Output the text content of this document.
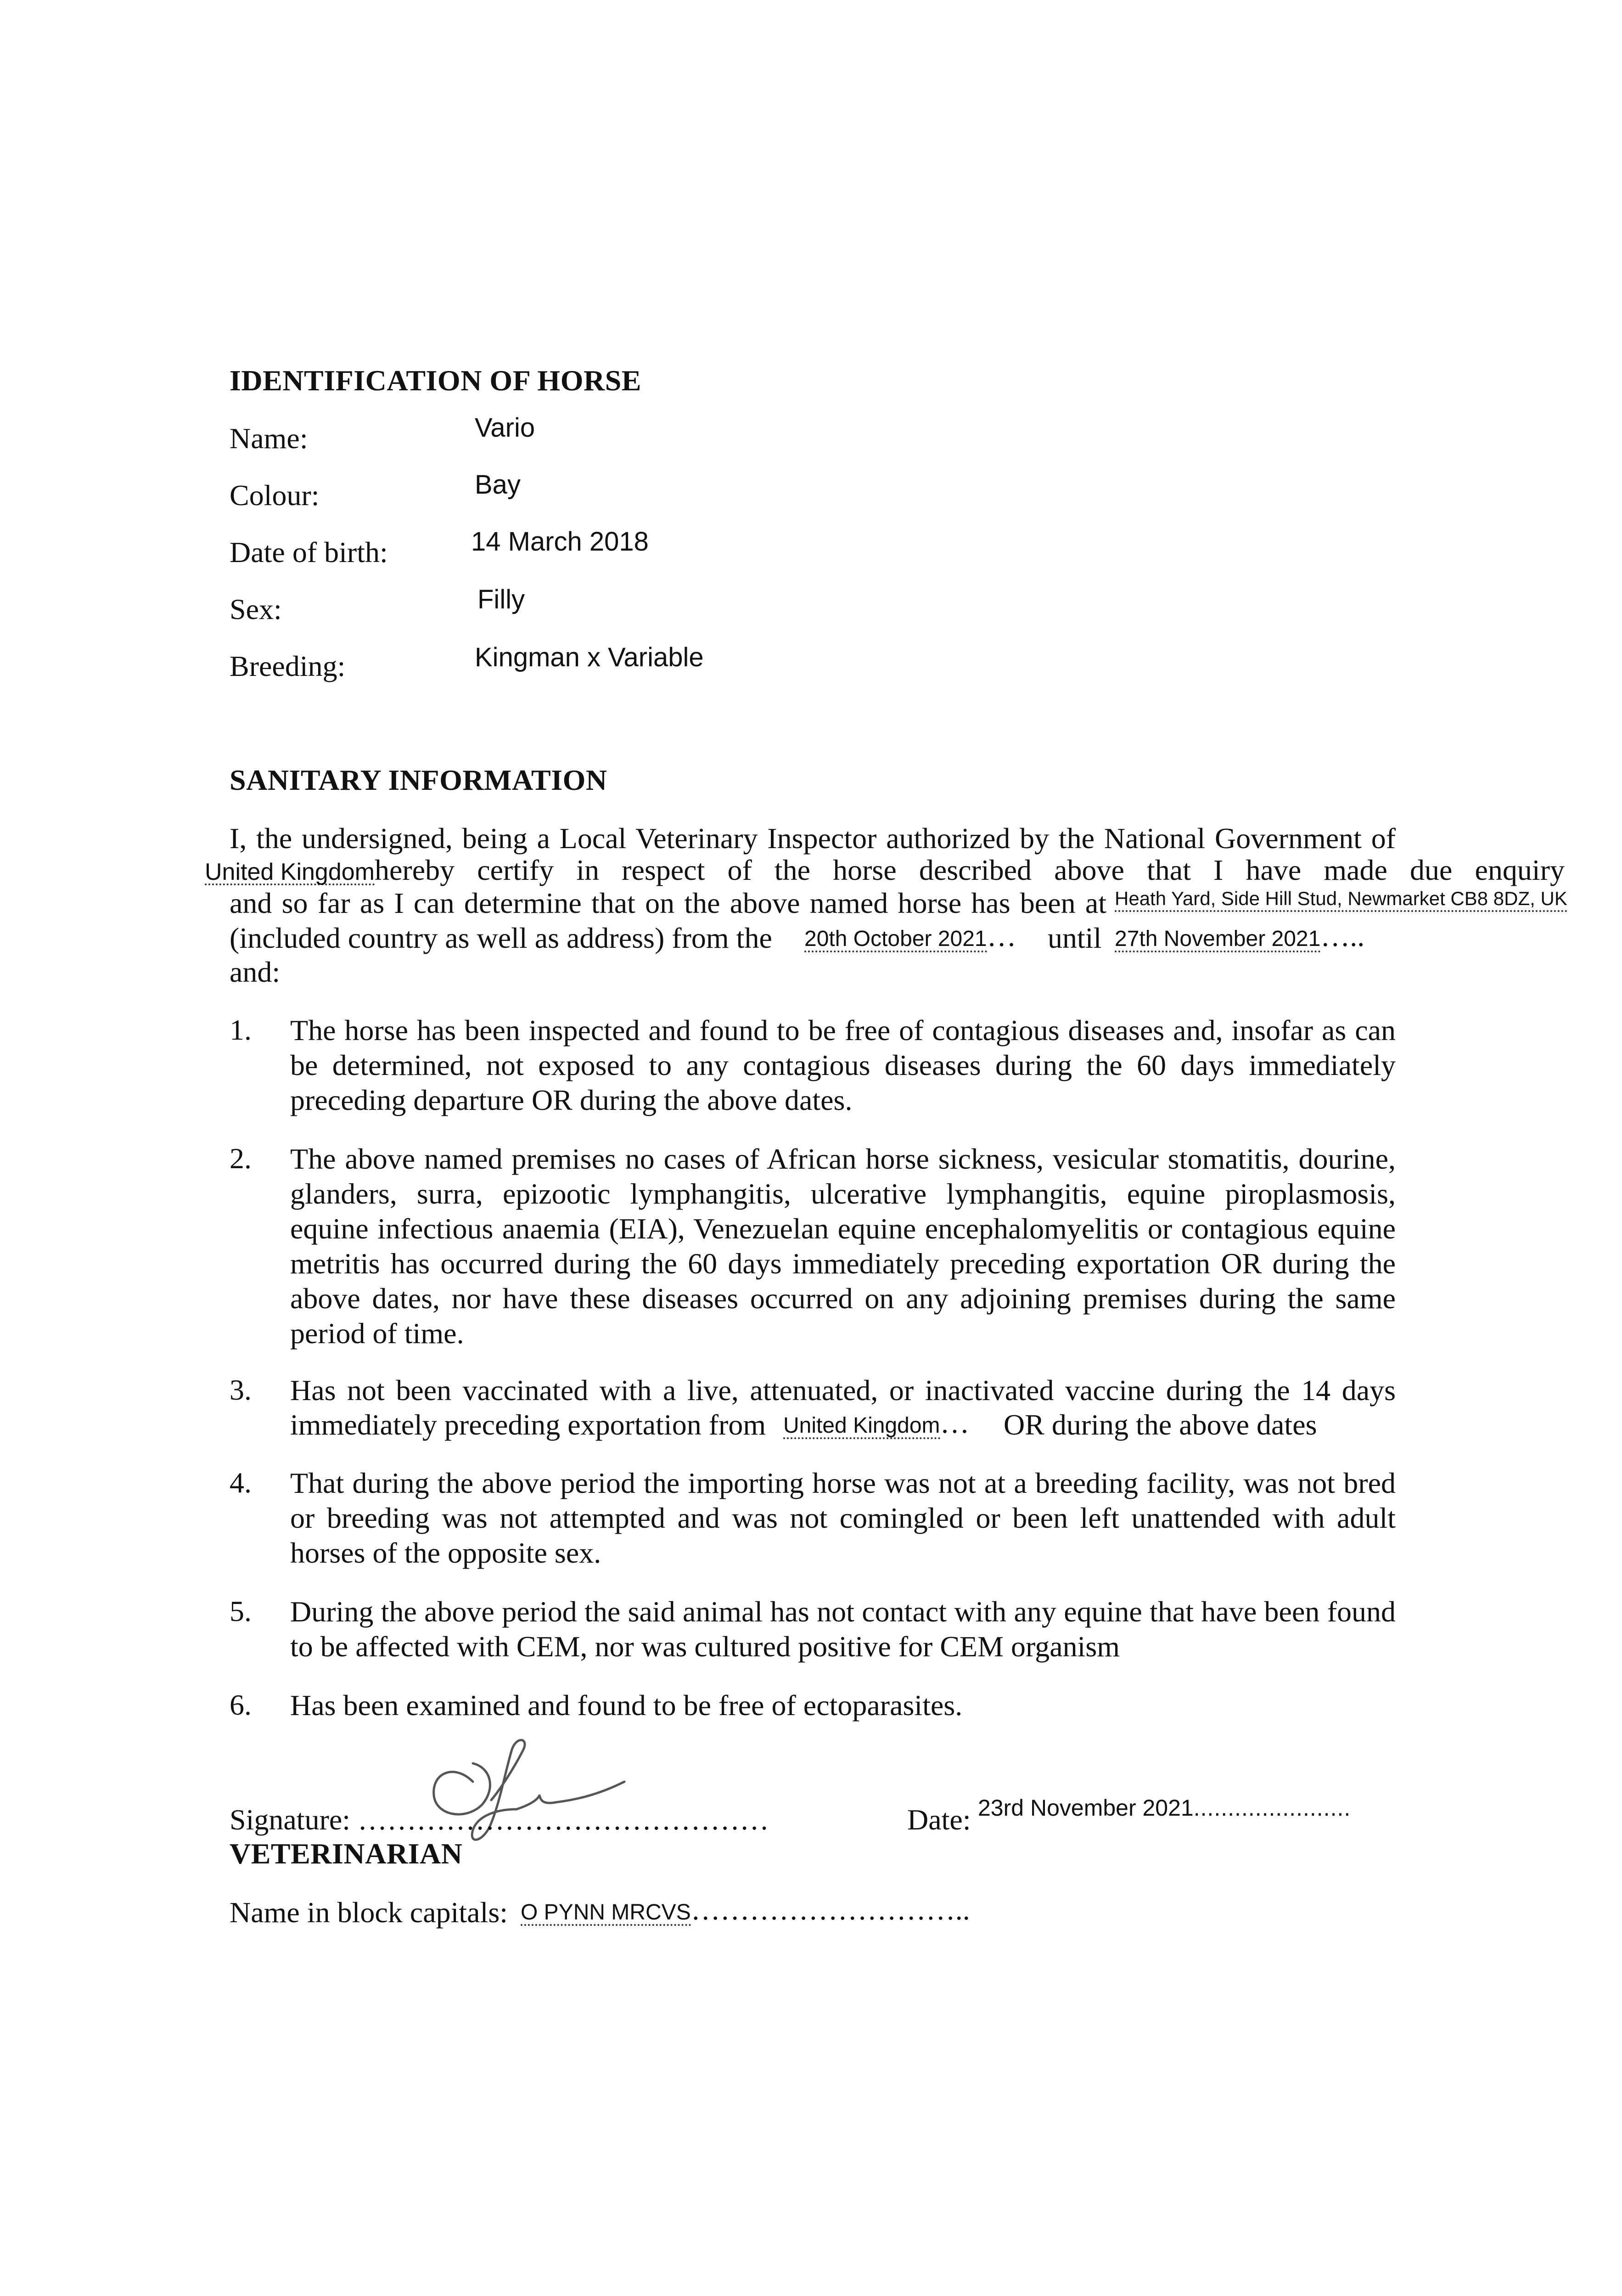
IDENTIFICATION OF HORSE
Name:	Vario
Colour:	Bay
Date of birth:	14 March 2018
Sex:	Filly
Breeding:	Kingman x Variable
SANITARY INFORMATION
I, the undersigned, being a Local Veterinary Inspector authorized by the National Government of
United Kingdomhereby certify in respect of the horse described above that I have made due enquiry
and so far as I can determine that on the above named horse has been at Heath Yard, Side Hill Stud, Newmarket CB8 8DZ, UK
(included country as well as address) from the 20th October 2021… until 27th November 2021…..
and:
1. The horse has been inspected and found to be free of contagious diseases and, insofar as can
be determined, not exposed to any contagious diseases during the 60 days immediately
preceding departure OR during the above dates.
2. The above named premises no cases of African horse sickness, vesicular stomatitis, dourine,
glanders, surra, epizootic lymphangitis, ulcerative lymphangitis, equine piroplasmosis,
equine infectious anaemia (EIA), Venezuelan equine encephalomyelitis or contagious equine
metritis has occurred during the 60 days immediately preceding exportation OR during the
above dates, nor have these diseases occurred on any adjoining premises during the same
period of time.
3. Has not been vaccinated with a live, attenuated, or inactivated vaccine during the 14 days
immediately preceding exportation from United Kingdom… OR during the above dates
4. That during the above period the importing horse was not at a breeding facility, was not bred
or breeding was not attempted and was not comingled or been left unattended with adult
horses of the opposite sex.
5. During the above period the said animal has not contact with any equine that have been found
to be affected with CEM, nor was cultured positive for CEM organism
6. Has been examined and found to be free of ectoparasites.
Signature: ……………………………………	Date: 23rd November 2021.......................
VETERINARIAN
Name in block capitals: O PYNN MRCVS………………………..
